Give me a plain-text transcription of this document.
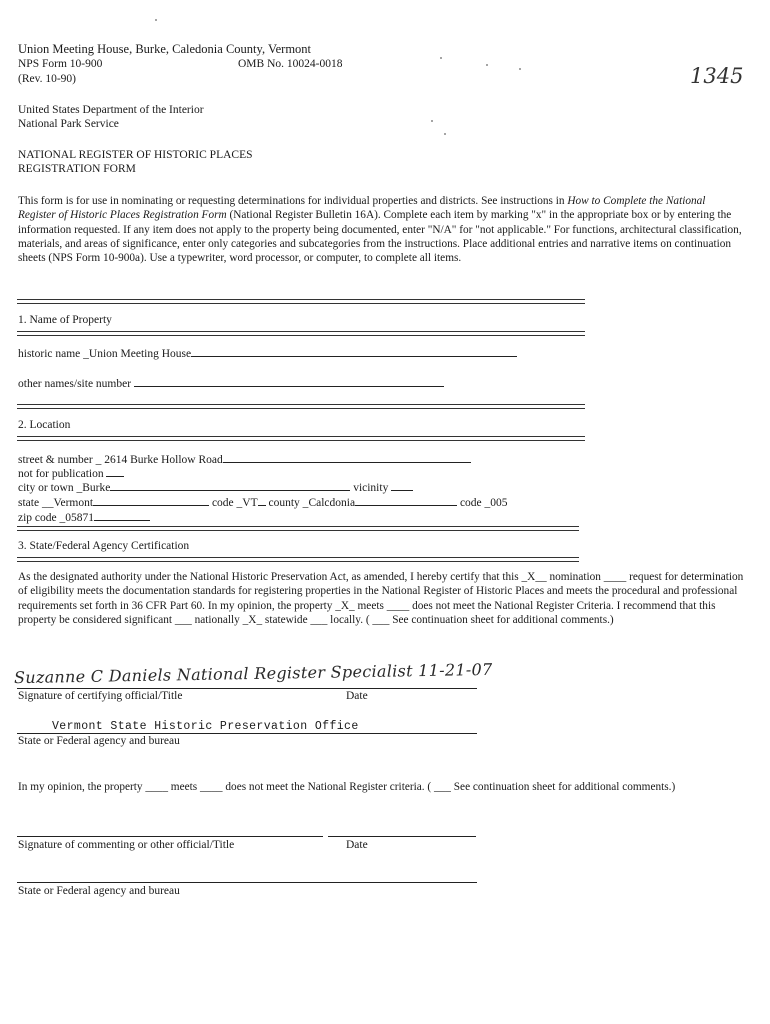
Union Meeting House, Burke, Caledonia County, Vermont
NPS Form 10-900	OMB No. 10024-0018
(Rev. 10-90)	1345
United States Department of the Interior
National Park Service
NATIONAL REGISTER OF HISTORIC PLACES
REGISTRATION FORM
This form is for use in nominating or requesting determinations for individual properties and districts. See instructions in How to Complete the National Register of Historic Places Registration Form (National Register Bulletin 16A). Complete each item by marking "x" in the appropriate box or by entering the information requested. If any item does not apply to the property being documented, enter "N/A" for "not applicable." For functions, architectural classification, materials, and areas of significance, enter only categories and subcategories from the instructions. Place additional entries and narrative items on continuation sheets (NPS Form 10-900a). Use a typewriter, word processor, or computer, to complete all items.
1. Name of Property
historic name _Union Meeting House
other names/site number
2. Location
street & number _ 2614 Burke Hollow Road
not for publication
city or town _Burke	vicinity
state __Vermont	code _VT county _Calcdonia	code _005
zip code _05871
3. State/Federal Agency Certification
As the designated authority under the National Historic Preservation Act, as amended, I hereby certify that this _X__ nomination ____ request for determination of eligibility meets the documentation standards for registering properties in the National Register of Historic Places and meets the procedural and professional requirements set forth in 36 CFR Part 60. In my opinion, the property _X_ meets ____ does not meet the National Register Criteria. I recommend that this property be considered significant ___ nationally _X_ statewide ___ locally. ( ___ See continuation sheet for additional comments.)
Suzanne C Daniels National Register Specialist 11-21-07
Signature of certifying official/Title	Date
Vermont State Historic Preservation Office
State or Federal agency and bureau
In my opinion, the property ____ meets ____ does not meet the National Register criteria. ( ___ See continuation sheet for additional comments.)
Signature of commenting or other official/Title	Date
State or Federal agency and bureau
